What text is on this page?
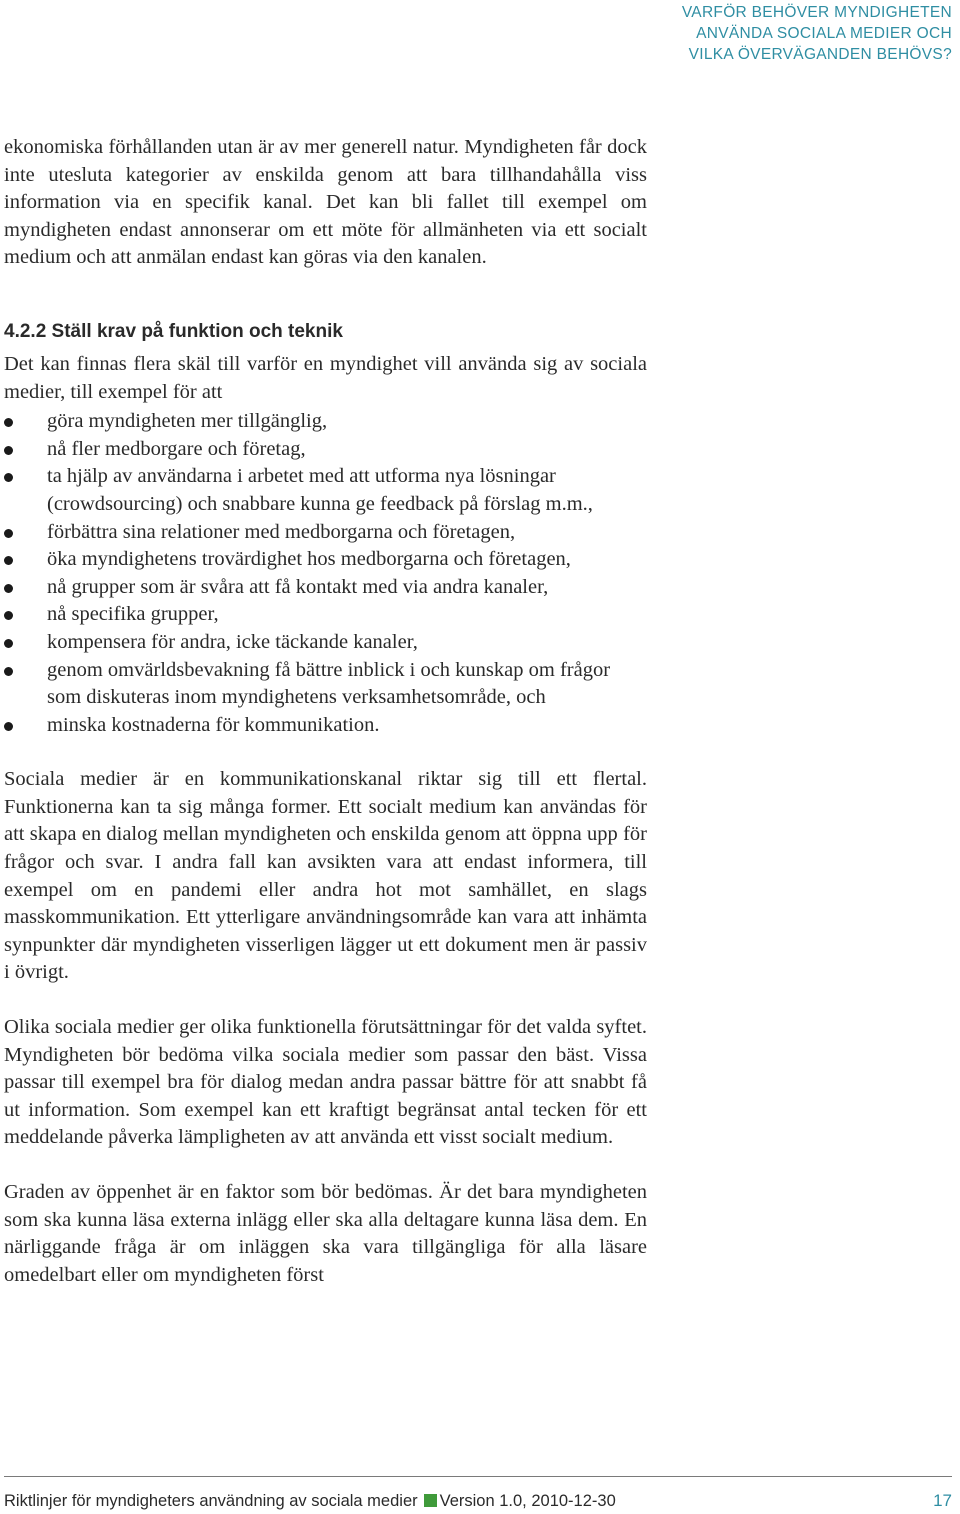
VARFÖR BEHÖVER MYNDIGHETEN
ANVÄNDA SOCIALA MEDIER OCH
VILKA ÖVERVÄGANDEN BEHÖVS?

ekonomiska förhållanden utan är av mer generell natur. Myndigheten får dock inte utesluta kategorier av enskilda genom att bara tillhandahålla viss information via en specifik kanal. Det kan bli fallet till exempel om myndigheten endast annonserar om ett möte för allmänheten via ett socialt medium och att anmälan endast kan göras via den kanalen.

4.2.2 Ställ krav på funktion och teknik

Det kan finnas flera skäl till varför en myndighet vill använda sig av sociala medier, till exempel för att

göra myndigheten mer tillgänglig,
nå fler medborgare och företag,
ta hjälp av användarna i arbetet med att utforma nya lösningar (crowdsourcing) och snabbare kunna ge feedback på förslag m.m.,
förbättra sina relationer med medborgarna och företagen,
öka myndighetens trovärdighet hos medborgarna och företagen,
nå grupper som är svåra att få kontakt med via andra kanaler,
nå specifika grupper,
kompensera för andra, icke täckande kanaler,
genom omvärldsbevakning få bättre inblick i och kunskap om frågor som diskuteras inom myndighetens verksamhetsområde, och
minska kostnaderna för kommunikation.

Sociala medier är en kommunikationskanal riktar sig till ett flertal. Funktionerna kan ta sig många former. Ett socialt medium kan användas för att skapa en dialog mellan myndigheten och enskilda genom att öppna upp för frågor och svar. I andra fall kan avsikten vara att endast informera, till exempel om en pandemi eller andra hot mot samhället, en slags masskommunikation. Ett ytterligare användningsområde kan vara att inhämta synpunkter där myndigheten visserligen lägger ut ett dokument men är passiv i övrigt.

Olika sociala medier ger olika funktionella förutsättningar för det valda syftet. Myndigheten bör bedöma vilka sociala medier som passar den bäst. Vissa passar till exempel bra för dialog medan andra passar bättre för att snabbt få ut information. Som exempel kan ett kraftigt begränsat antal tecken för ett meddelande påverka lämpligheten av att använda ett visst socialt medium.

Graden av öppenhet är en faktor som bör bedömas. Är det bara myndigheten som ska kunna läsa externa inlägg eller ska alla deltagare kunna läsa dem. En närliggande fråga är om inläggen ska vara tillgängliga för alla läsare omedelbart eller om myndigheten först

Riktlinjer för myndigheters användning av sociala medier Version 1.0, 2010-12-30	17
